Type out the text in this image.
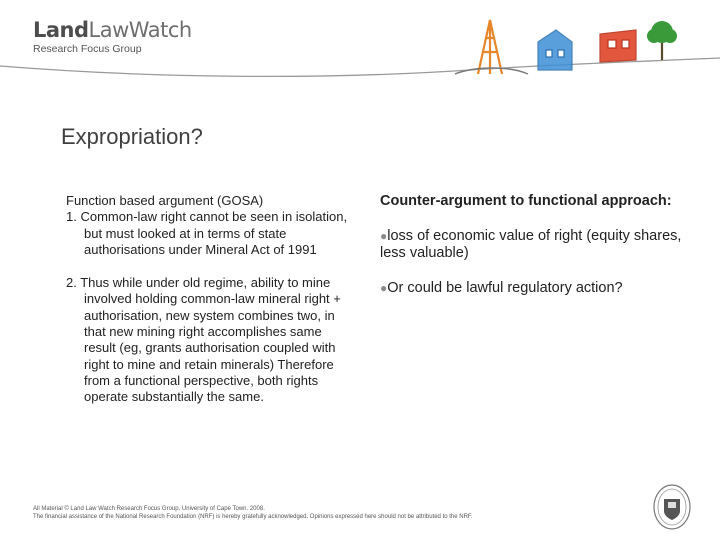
LandLawWatch
Research Focus Group
Expropriation?

Function based argument (GOSA)

1. Common-law right cannot be seen in isolation, but must looked at in terms of state authorisations under Mineral Act of 1991

2. Thus while under old regime, ability to mine involved holding common-law mineral right + authorisation, new system combines two, in that new mining right accomplishes same result (eg, grants authorisation coupled with right to mine and retain minerals) Therefore from a functional perspective, both rights operate substantially the same.

Counter-argument to functional approach:

●loss of economic value of right (equity shares, less valuable)

●Or could be lawful regulatory action?

All Material © Land Law Watch Research Focus Group, University of Cape Town. 2008.
The financial assistance of the National Research Foundation (NRF) is hereby gratefully acknowledged. Opinions expressed here should not be attributed to the NRF.
